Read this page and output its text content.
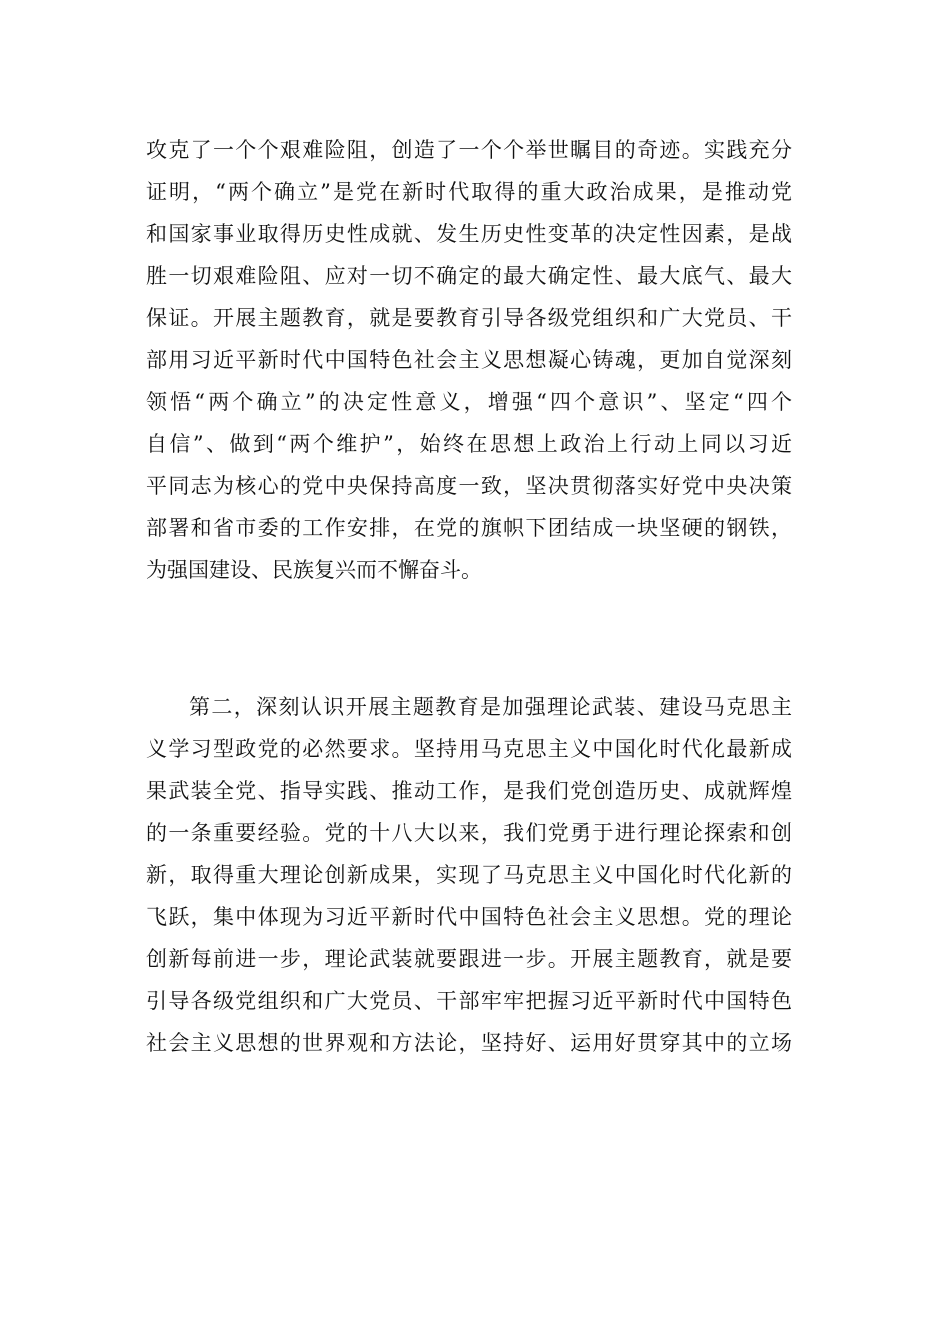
攻克了一个个艰难险阻，创造了一个个举世瞩目的奇迹。实践充分
证明，“两个确立”是党在新时代取得的重大政治成果，是推动党
和国家事业取得历史性成就、发生历史性变革的决定性因素，是战
胜一切艰难险阻、应对一切不确定的最大确定性、最大底气、最大
保证。开展主题教育，就是要教育引导各级党组织和广大党员、干
部用习近平新时代中国特色社会主义思想凝心铸魂，更加自觉深刻
领悟“两个确立”的决定性意义，增强“四个意识”、坚定“四个
自信”、做到“两个维护”，始终在思想上政治上行动上同以习近
平同志为核心的党中央保持高度一致，坚决贯彻落实好党中央决策
部署和省市委的工作安排，在党的旗帜下团结成一块坚硬的钢铁，
为强国建设、民族复兴而不懈奋斗。
第二，深刻认识开展主题教育是加强理论武装、建设马克思主
义学习型政党的必然要求。坚持用马克思主义中国化时代化最新成
果武装全党、指导实践、推动工作，是我们党创造历史、成就辉煌
的一条重要经验。党的十八大以来，我们党勇于进行理论探索和创
新，取得重大理论创新成果，实现了马克思主义中国化时代化新的
飞跃，集中体现为习近平新时代中国特色社会主义思想。党的理论
创新每前进一步，理论武装就要跟进一步。开展主题教育，就是要
引导各级党组织和广大党员、干部牢牢把握习近平新时代中国特色
社会主义思想的世界观和方法论，坚持好、运用好贯穿其中的立场
